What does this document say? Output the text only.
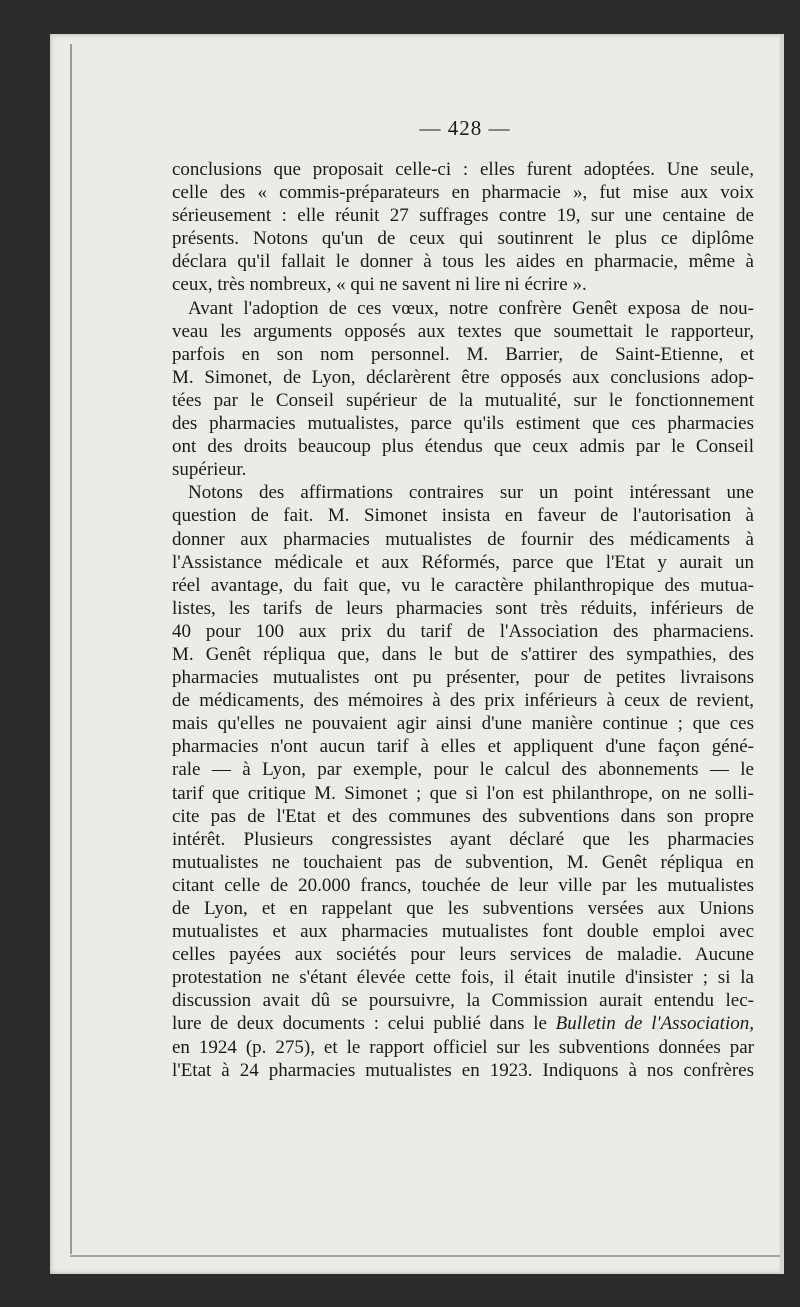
— 428 —

conclusions que proposait celle-ci : elles furent adoptées. Une seule,
celle des « commis-préparateurs en pharmacie », fut mise aux voix
sérieusement : elle réunit 27 suffrages contre 19, sur une centaine de
présents. Notons qu'un de ceux qui soutinrent le plus ce diplôme
déclara qu'il fallait le donner à tous les aides en pharmacie, même à
ceux, très nombreux, « qui ne savent ni lire ni écrire ».

Avant l'adoption de ces vœux, notre confrère Genêt exposa de nou-
veau les arguments opposés aux textes que soumettait le rapporteur,
parfois en son nom personnel. M. Barrier, de Saint-Etienne, et
M. Simonet, de Lyon, déclarèrent être opposés aux conclusions adop-
tées par le Conseil supérieur de la mutualité, sur le fonctionnement
des pharmacies mutualistes, parce qu'ils estiment que ces pharmacies
ont des droits beaucoup plus étendus que ceux admis par le Conseil
supérieur.

Notons des affirmations contraires sur un point intéressant une
question de fait. M. Simonet insista en faveur de l'autorisation à
donner aux pharmacies mutualistes de fournir des médicaments à
l'Assistance médicale et aux Réformés, parce que l'Etat y aurait un
réel avantage, du fait que, vu le caractère philanthropique des mutua-
listes, les tarifs de leurs pharmacies sont très réduits, inférieurs de
40 pour 100 aux prix du tarif de l'Association des pharmaciens.
M. Genêt répliqua que, dans le but de s'attirer des sympathies, des
pharmacies mutualistes ont pu présenter, pour de petites livraisons
de médicaments, des mémoires à des prix inférieurs à ceux de revient,
mais qu'elles ne pouvaient agir ainsi d'une manière continue ; que ces
pharmacies n'ont aucun tarif à elles et appliquent d'une façon géné-
rale — à Lyon, par exemple, pour le calcul des abonnements — le
tarif que critique M. Simonet ; que si l'on est philanthrope, on ne solli-
cite pas de l'Etat et des communes des subventions dans son propre
intérêt. Plusieurs congressistes ayant déclaré que les pharmacies
mutualistes ne touchaient pas de subvention, M. Genêt répliqua en
citant celle de 20.000 francs, touchée de leur ville par les mutualistes
de Lyon, et en rappelant que les subventions versées aux Unions
mutualistes et aux pharmacies mutualistes font double emploi avec
celles payées aux sociétés pour leurs services de maladie. Aucune
protestation ne s'étant élevée cette fois, il était inutile d'insister ; si la
discussion avait dû se poursuivre, la Commission aurait entendu lec-
lure de deux documents : celui publié dans le Bulletin de l'Association,
en 1924 (p. 275), et le rapport officiel sur les subventions données par
l'Etat à 24 pharmacies mutualistes en 1923. Indiquons à nos confrères
